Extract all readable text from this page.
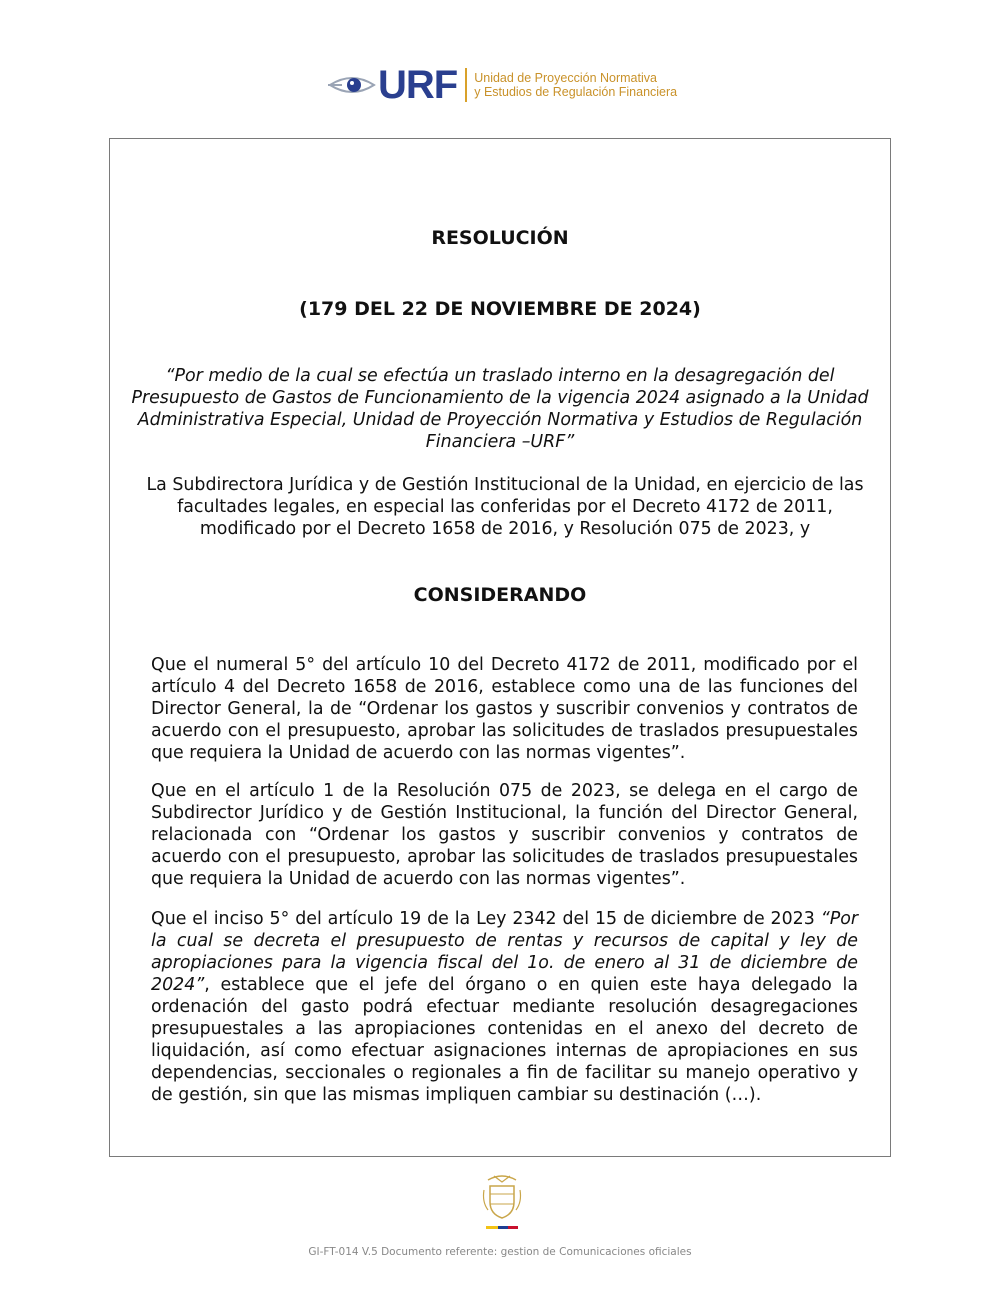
URF Unidad de Proyección Normativa
y Estudios de Regulación Financiera
RESOLUCIÓN
(179 DEL 22 DE NOVIEMBRE DE 2024)
“Por medio de la cual se efectúa un traslado interno en la desagregación del Presupuesto de Gastos de Funcionamiento de la vigencia 2024 asignado a la Unidad Administrativa Especial, Unidad de Proyección Normativa y Estudios de Regulación Financiera –URF”
La Subdirectora Jurídica y de Gestión Institucional de la Unidad, en ejercicio de las facultades legales, en especial las conferidas por el Decreto 4172 de 2011, modificado por el Decreto 1658 de 2016, y Resolución 075 de 2023, y
CONSIDERANDO
Que el numeral 5° del artículo 10 del Decreto 4172 de 2011, modificado por el artículo 4 del Decreto 1658 de 2016, establece como una de las funciones del Director General, la de “Ordenar los gastos y suscribir convenios y contratos de acuerdo con el presupuesto, aprobar las solicitudes de traslados presupuestales que requiera la Unidad de acuerdo con las normas vigentes”.
Que en el artículo 1 de la Resolución 075 de 2023, se delega en el cargo de Subdirector Jurídico y de Gestión Institucional, la función del Director General, relacionada con “Ordenar los gastos y suscribir convenios y contratos de acuerdo con el presupuesto, aprobar las solicitudes de traslados presupuestales que requiera la Unidad de acuerdo con las normas vigentes”.
Que el inciso 5° del artículo 19 de la Ley 2342 del 15 de diciembre de 2023 “Por la cual se decreta el presupuesto de rentas y recursos de capital y ley de apropiaciones para la vigencia fiscal del 1o. de enero al 31 de diciembre de 2024”, establece que el jefe del órgano o en quien este haya delegado la ordenación del gasto podrá efectuar mediante resolución desagregaciones presupuestales a las apropiaciones contenidas en el anexo del decreto de liquidación, así como efectuar asignaciones internas de apropiaciones en sus dependencias, seccionales o regionales a fin de facilitar su manejo operativo y de gestión, sin que las mismas impliquen cambiar su destinación (…).
GI-FT-014 V.5 Documento referente: gestion de Comunicaciones oficiales
